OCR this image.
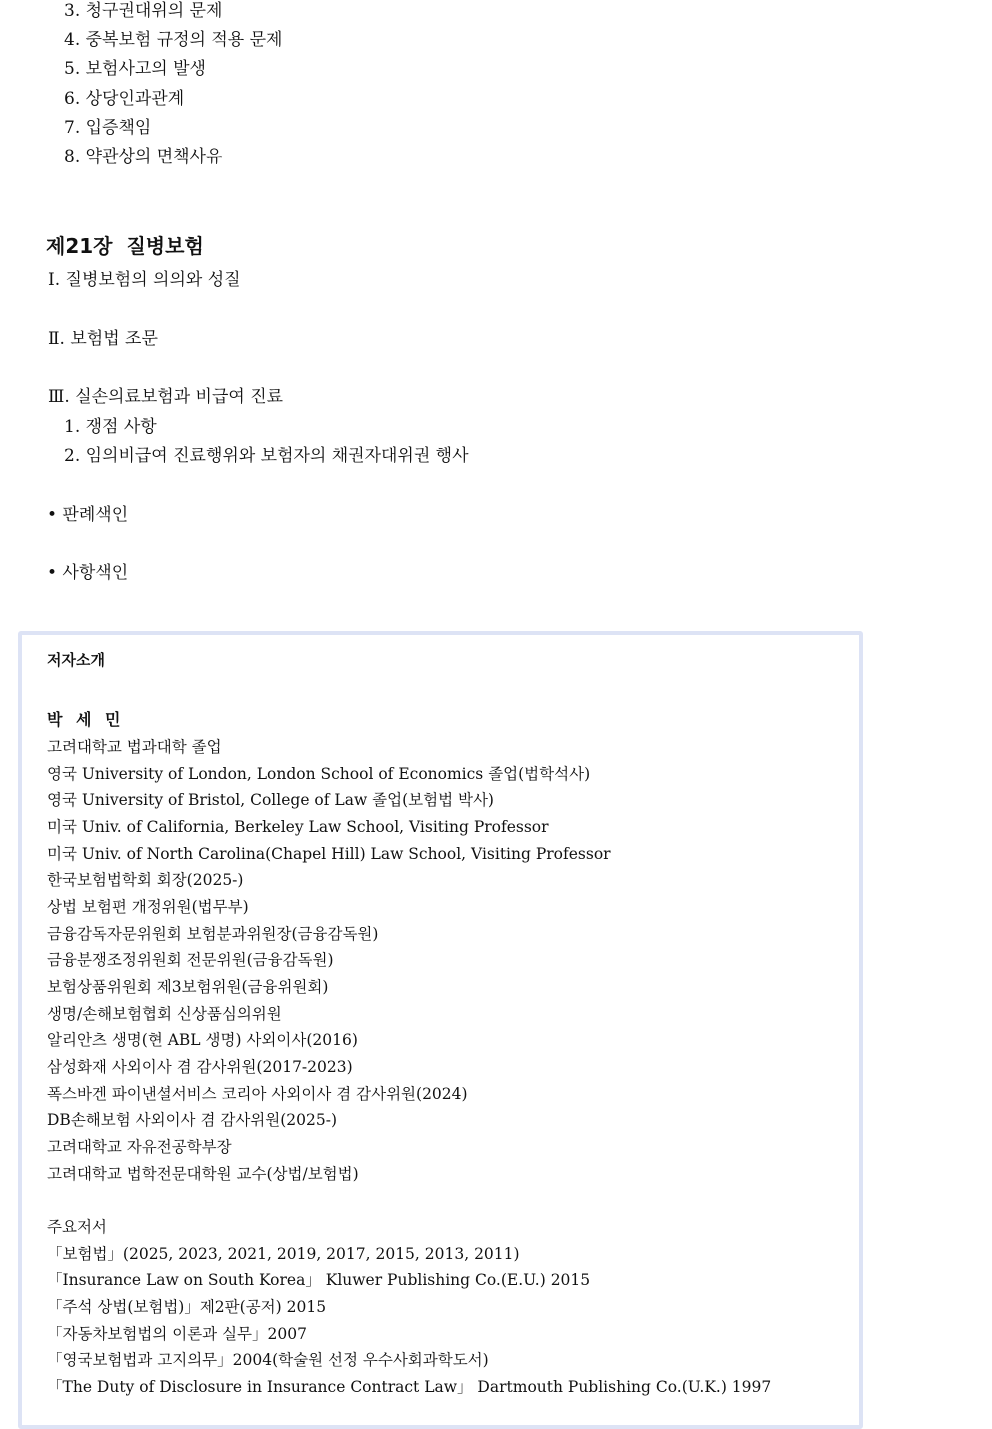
3. 청구권대위의 문제
4. 중복보험 규정의 적용 문제
5. 보험사고의 발생
6. 상당인과관계
7. 입증책임
8. 약관상의 면책사유
제21장 질병보험
Ⅰ. 질병보험의 의의와 성질
Ⅱ. 보험법 조문
Ⅲ. 실손의료보험과 비급여 진료
1. 쟁점 사항
2. 임의비급여 진료행위와 보험자의 채권자대위권 행사
• 판례색인
• 사항색인
저자소개
박 세 민
고려대학교 법과대학 졸업
영국 University of London, London School of Economics 졸업(법학석사)
영국 University of Bristol, College of Law 졸업(보험법 박사)
미국 Univ. of California, Berkeley Law School, Visiting Professor
미국 Univ. of North Carolina(Chapel Hill) Law School, Visiting Professor
한국보험법학회 회장(2025-)
상법 보험편 개정위원(법무부)
금융감독자문위원회 보험분과위원장(금융감독원)
금융분쟁조정위원회 전문위원(금융감독원)
보험상품위원회 제3보험위원(금융위원회)
생명/손해보험협회 신상품심의위원
알리안츠 생명(현 ABL 생명) 사외이사(2016)
삼성화재 사외이사 겸 감사위원(2017-2023)
폭스바겐 파이낸셜서비스 코리아 사외이사 겸 감사위원(2024)
DB손해보험 사외이사 겸 감사위원(2025-)
고려대학교 자유전공학부장
고려대학교 법학전문대학원 교수(상법/보험법)
주요저서
「보험법」(2025, 2023, 2021, 2019, 2017, 2015, 2013, 2011)
「Insurance Law on South Korea」 Kluwer Publishing Co.(E.U.) 2015
「주석 상법(보험법)」제2판(공저) 2015
「자동차보험법의 이론과 실무」2007
「영국보험법과 고지의무」2004(학술원 선정 우수사회과학도서)
「The Duty of Disclosure in Insurance Contract Law」 Dartmouth Publishing Co.(U.K.) 1997
